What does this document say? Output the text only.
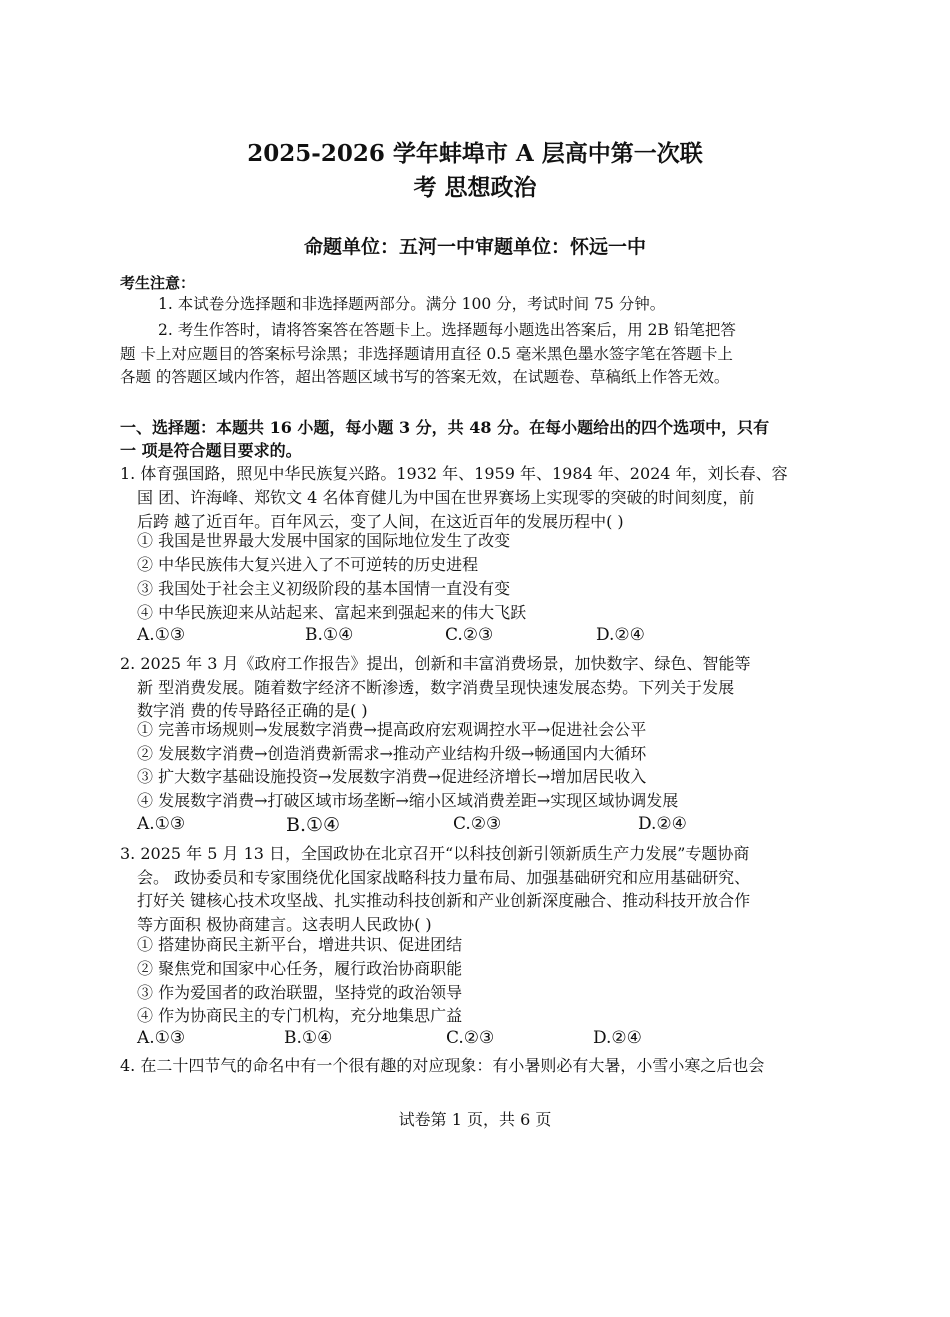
2025-2026 学年蚌埠市 A 层高中第一次联
考 思想政治
命题单位：五河一中审题单位：怀远一中
考生注意：
1. 本试卷分选择题和非选择题两部分。满分 100 分，考试时间 75 分钟。
2. 考生作答时，请将答案答在答题卡上。选择题每小题选出答案后，用 2B 铅笔把答
题 卡上对应题目的答案标号涂黑；非选择题请用直径 0.5 毫米黑色墨水签字笔在答题卡上
各题 的答题区域内作答，超出答题区域书写的答案无效，在试题卷、草稿纸上作答无效。
一、选择题：本题共 16 小题，每小题 3 分，共 48 分。在每小题给出的四个选项中，只有
一 项是符合题目要求的。
1. 体育强国路，照见中华民族复兴路。1932 年、1959 年、1984 年、2024 年，刘长春、容
国 团、许海峰、郑钦文 4 名体育健儿为中国在世界赛场上实现零的突破的时间刻度，前
后跨 越了近百年。百年风云，变了人间，在这近百年的发展历程中( )
① 我国是世界最大发展中国家的国际地位发生了改变
② 中华民族伟大复兴进入了不可逆转的历史进程
③ 我国处于社会主义初级阶段的基本国情一直没有变
④ 中华民族迎来从站起来、富起来到强起来的伟大飞跃
A.①③	B.①④	C.②③	D.②④
2. 2025 年 3 月《政府工作报告》提出，创新和丰富消费场景，加快数字、绿色、智能等
新 型消费发展。随着数字经济不断渗透，数字消费呈现快速发展态势。下列关于发展
数字消 费的传导路径正确的是( )
① 完善市场规则→发展数字消费→提高政府宏观调控水平→促进社会公平
② 发展数字消费→创造消费新需求→推动产业结构升级→畅通国内大循环
③ 扩大数字基础设施投资→发展数字消费→促进经济增长→增加居民收入
④ 发展数字消费→打破区域市场垄断→缩小区域消费差距→实现区域协调发展
A.①③	B.①④	C.②③	D.②④
3. 2025 年 5 月 13 日，全国政协在北京召开“以科技创新引领新质生产力发展”专题协商
会。 政协委员和专家围绕优化国家战略科技力量布局、加强基础研究和应用基础研究、
打好关 键核心技术攻坚战、扎实推动科技创新和产业创新深度融合、推动科技开放合作
等方面积 极协商建言。这表明人民政协( )
① 搭建协商民主新平台，增进共识、促进团结
② 聚焦党和国家中心任务，履行政治协商职能
③ 作为爱国者的政治联盟，坚持党的政治领导
④ 作为协商民主的专门机构，充分地集思广益
A.①③	B.①④	C.②③	D.②④
4. 在二十四节气的命名中有一个很有趣的对应现象：有小暑则必有大暑，小雪小寒之后也会
试卷第 1 页，共 6 页
